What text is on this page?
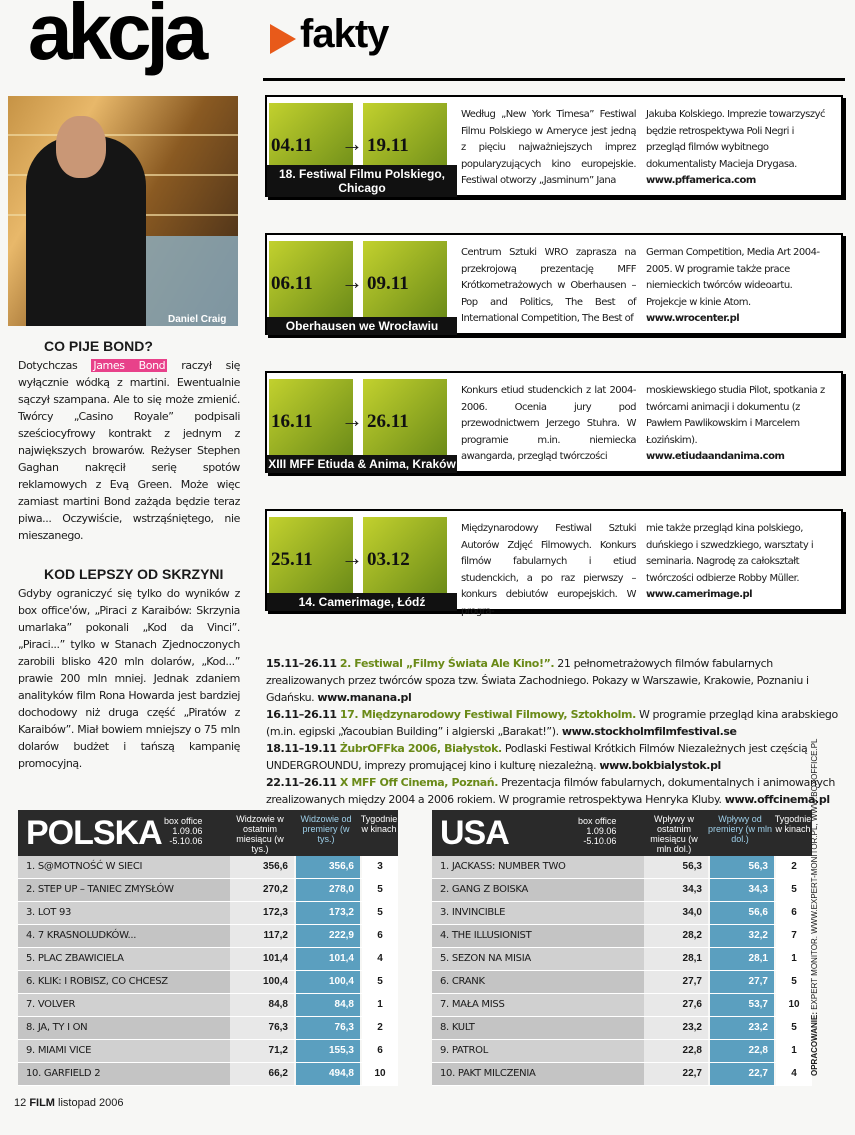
akcja fakty
Daniel Craig
CO PIJE BOND?
Dotychczas James Bond raczył się wyłącznie wódką z martini. Ewentualnie sączył szampana. Ale to się może zmienić. Twórcy „Casino Royale” podpisali sześciocyfrowy kontrakt z jednym z największych browarów. Reżyser Stephen Gaghan nakręcił serię spotów reklamowych z Evą Green. Może więc zamiast martini Bond zażąda będzie teraz piwa... Oczywiście, wstrząśniętego, nie mieszanego.
KOD LEPSZY OD SKRZYNI
Gdyby ograniczyć się tylko do wyników z box office'ów, „Piraci z Karaibów: Skrzynia umarlaka” pokonali „Kod da Vinci”. „Piraci...” tylko w Stanach Zjednoczonych zarobili blisko 420 mln dolarów, „Kod...” prawie 200 mln mniej. Jednak zdaniem analityków film Rona Howarda jest bardziej dochodowy niż druga część „Piratów z Karaibów”. Miał bowiem mniejszy o 75 mln dolarów budżet i tańszą kampanię promocyjną.
04.11 → 19.11
18. Festiwal Filmu Polskiego, Chicago
Według „New York Timesa” Festiwal Filmu Polskiego w Ameryce jest jedną z pięciu najważniejszych imprez popularyzujących kino europejskie. Festiwal otworzy „Jasminum” Jana
Jakuba Kolskiego. Imprezie towarzyszyć będzie retrospektywa Poli Negri i przegląd filmów wybitnego dokumentalisty Macieja Drygasa. www.pffamerica.com
06.11 → 09.11
Oberhausen we Wrocławiu
Centrum Sztuki WRO zaprasza na przekrojową prezentację MFF Krótkometrażowych w Oberhausen – Pop and Politics, The Best of International Competition, The Best of
German Competition, Media Art 2004-2005. W programie także prace niemieckich twórców wideoartu. Projekcje w kinie Atom. www.wrocenter.pl
16.11 → 26.11
XIII MFF Etiuda & Anima, Kraków
Konkurs etiud studenckich z lat 2004-2006. Oceniа jury pod przewodnictwem Jerzego Stuhra. W programie m.in. niemiecka awangarda, przegląd twórczości
moskiewskiego studia Pilot, spotkania z twórcami animacji i dokumentu (z Pawłem Pawlikowskim i Marcelem Łozińskim). www.etiudaandanima.com
25.11 → 03.12
14. Camerimage, Łódź
Międzynarodowy Festiwal Sztuki Autorów Zdjęć Filmowych. Konkurs filmów fabularnych i etiud studenckich, a po raz pierwszy – konkurs debiutów europejskich. W progra-
mie także przegląd kina polskiego, duńskiego i szwedzkiego, warsztaty i seminaria. Nagrodę za całokształt twórczości odbierze Robby Müller. www.camerimage.pl
15.11–26.11 2. Festiwal „Filmy Świata Ale Kino!”. 21 pełnometrażowych filmów fabularnych zrealizowanych przez twórców spoza tzw. Świata Zachodniego. Pokazy w Warszawie, Krakowie, Poznaniu i Gdańsku. www.manana.pl
16.11–26.11 17. Międzynarodowy Festiwal Filmowy, Sztokholm. W programie przegląd kina arabskiego (m.in. egipski „Yacoubian Building” i algierski „Barakat!”). www.stockholmfilmfestival.se
18.11–19.11 ŻubrOFFka 2006, Białystok. Podlaski Festiwal Krótkich Filmów Niezależnych jest częścią UNDERGROUNDU, imprezy promującej kino i kulturę niezależną. www.bokbialystok.pl
22.11–26.11 X MFF Off Cinema, Poznań. Prezentacja filmów fabularnych, dokumentalnych i animowanych zrealizowanych między 2004 a 2006 rokiem. W programie retrospektywa Henryka Kluby. www.offcinema.pl
POLSKA box office
1.09.06
-5.10.06
Widzowie w ostatnim miesiącu (w tys.)
Widzowie od premiery (w tys.)
Tygodnie w kinach
1. S@MOTNOŚĆ W SIECI	356,6	356,6	3
2. STEP UP – TANIEC ZMYSŁÓW	270,2	278,0	5
3. LOT 93	172,3	173,2	5
4. 7 KRASNOLUDKÓW...	117,2	222,9	6
5. PLAC ZBAWICIELA	101,4	101,4	4
6. KLIK: I ROBISZ, CO CHCESZ	100,4	100,4	5
7. VOLVER	84,8	84,8	1
8. JA, TY I ON	76,3	76,3	2
9. MIAMI VICE	71,2	155,3	6
10. GARFIELD 2	66,2	494,8	10
USA	box office
1.09.06
-5.10.06
Wpływy w ostatnim miesiącu (w mln dol.)
Wpływy od premiery (w mln dol.)
Tygodnie w kinach
1. JACKASS: NUMBER TWO	56,3	56,3	2
2. GANG Z BOISKA	34,3	34,3	5
3. INVINCIBLE	34,0	56,6	6
4. THE ILLUSIONIST	28,2	32,2	7
5. SEZON NA MISIA	28,1	28,1	1
6. CRANK	27,7	27,7	5
7. MAŁA MISS	27,6	53,7	10
8. KULT	23,2	23,2	5
9. PATROL	22,8	22,8	1
10. PAKT MILCZENIA	22,7	22,7	4	OPRACOWANIE: EXPERT MONITOR. WWW.EXPERT-MONITOR.PL, WWW.BOXOFFICE.PL
12 FILM listopad 2006
